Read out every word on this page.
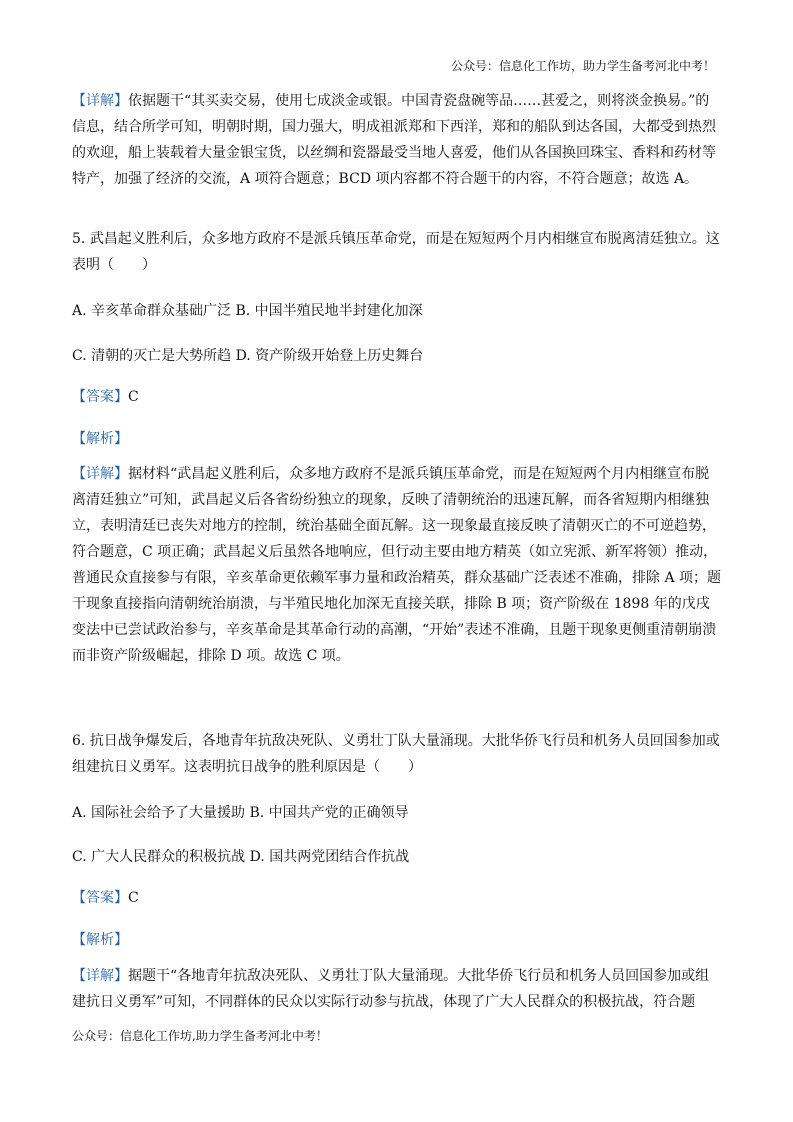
公众号：信息化工作坊，助力学生备考河北中考！
【详解】依据题干“其买卖交易，使用七成淡金或银。中国青瓷盘碗等品……甚爱之，则将淡金换易。”的信息，结合所学可知，明朝时期，国力强大，明成祖派郑和下西洋，郑和的船队到达各国，大都受到热烈的欢迎，船上装载着大量金银宝货，以丝绸和瓷器最受当地人喜爱，他们从各国换回珠宝、香料和药材等特产，加强了经济的交流，A 项符合题意；BCD 项内容都不符合题干的内容，不符合题意；故选 A。
5. 武昌起义胜利后，众多地方政府不是派兵镇压革命党，而是在短短两个月内相继宣布脱离清廷独立。这表明（　　）
A. 辛亥革命群众基础广泛 B. 中国半殖民地半封建化加深
C. 清朝的灭亡是大势所趋 D. 资产阶级开始登上历史舞台
【答案】C
【解析】
【详解】据材料“武昌起义胜利后，众多地方政府不是派兵镇压革命党，而是在短短两个月内相继宣布脱离清廷独立”可知，武昌起义后各省纷纷独立的现象，反映了清朝统治的迅速瓦解，而各省短期内相继独立，表明清廷已丧失对地方的控制，统治基础全面瓦解。这一现象最直接反映了清朝灭亡的不可逆趋势，符合题意，C 项正确；武昌起义后虽然各地响应，但行动主要由地方精英（如立宪派、新军将领）推动，普通民众直接参与有限，辛亥革命更依赖军事力量和政治精英，群众基础广泛表述不准确，排除 A 项；题干现象直接指向清朝统治崩溃，与半殖民地化加深无直接关联，排除 B 项；资产阶级在 1898 年的戊戌变法中已尝试政治参与，辛亥革命是其革命行动的高潮，“开始”表述不准确，且题干现象更侧重清朝崩溃而非资产阶级崛起，排除 D 项。故选 C 项。
6. 抗日战争爆发后，各地青年抗敌决死队、义勇壮丁队大量涌现。大批华侨飞行员和机务人员回国参加或组建抗日义勇军。这表明抗日战争的胜利原因是（　　）
A. 国际社会给予了大量援助 B. 中国共产党的正确领导
C. 广大人民群众的积极抗战 D. 国共两党团结合作抗战
【答案】C
【解析】
【详解】据题干“各地青年抗敌决死队、义勇壮丁队大量涌现。大批华侨飞行员和机务人员回国参加或组建抗日义勇军”可知，不同群体的民众以实际行动参与抗战，体现了广大人民群众的积极抗战，符合题
公众号：信息化工作坊,助力学生备考河北中考！
